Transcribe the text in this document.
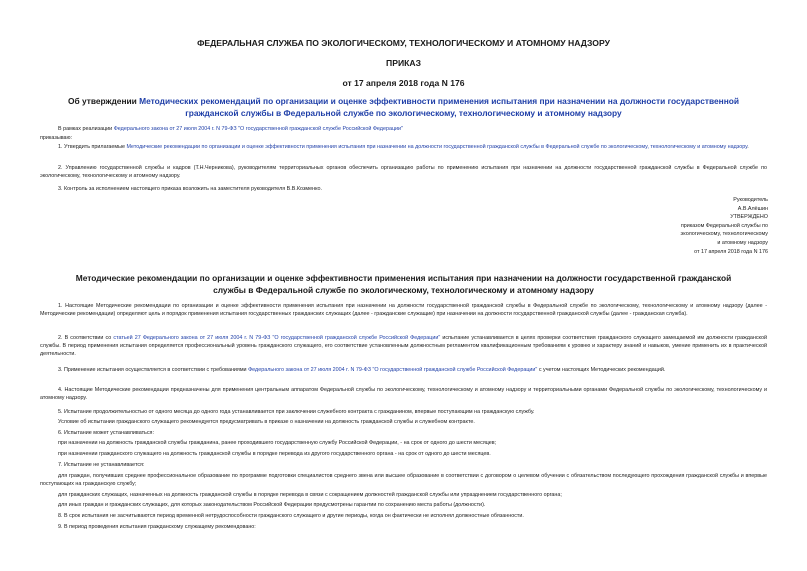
ФЕДЕРАЛЬНАЯ СЛУЖБА ПО ЭКОЛОГИЧЕСКОМУ, ТЕХНОЛОГИЧЕСКОМУ И АТОМНОМУ НАДЗОРУ
ПРИКАЗ
от 17 апреля 2018 года N 176
Об утверждении Методических рекомендаций по организации и оценке эффективности применения испытания при назначении на должности государственной гражданской службы в Федеральной службе по экологическому, технологическому и атомному надзору
В рамках реализации Федерального закона от 27 июля 2004 г. N 79-ФЗ "О государственной гражданской службе Российской Федерации"
приказываю:
1. Утвердить прилагаемые Методические рекомендации по организации и оценке эффективности применения испытания при назначении на должности государственной гражданской службы в Федеральной службе по экологическому, технологическому и атомному надзору.
2. Управлению государственной службы и кадров (Т.Н.Черникова), руководителям территориальных органов обеспечить организацию работы по применению испытания при назначении на должности государственной гражданской службы в Федеральной службе по экологическому, технологическому и атомному надзору.
3. Контроль за исполнением настоящего приказа возложить на заместителя руководителя В.В.Козменко.
Руководитель
А.В.Алёшин
УТВЕРЖДЕНО
приказом Федеральной службы по
экологическому, технологическому
и атомному надзору
от 17 апреля 2018 года N 176
Методические рекомендации по организации и оценке эффективности применения испытания при назначении на должности государственной гражданской службы в Федеральной службе по экологическому, технологическому и атомному надзору
1. Настоящие Методические рекомендации по организации и оценке эффективности применения испытания при назначении на должности государственной гражданской службы в Федеральной службе по экологическому, технологическому и атомному надзору (далее - Методические рекомендации) определяют цель и порядок применения испытания государственных гражданских служащих (далее - гражданские служащие) при назначении на должности государственной гражданской службы (далее - гражданская служба).
2. В соответствии со статьей 27 Федерального закона от 27 июля 2004 г. N 79-ФЗ "О государственной гражданской службе Российской Федерации" испытание устанавливается в целях проверки соответствия гражданского служащего замещаемой им должности гражданской службы. В период применения испытания определяется профессиональный уровень гражданского служащего, его соответствие установленным должностным регламентом квалификационным требованиям к уровню и характеру знаний и навыков, умение применить их в практической деятельности.
3. Применение испытания осуществляется в соответствии с требованиями Федерального закона от 27 июля 2004 г. N 79-ФЗ "О государственной гражданской службе Российской Федерации" с учетом настоящих Методических рекомендаций.
4. Настоящие Методические рекомендации предназначены для применения центральным аппаратом Федеральной службы по экологическому, технологическому и атомному надзору и территориальными органами Федеральной службы по экологическому, технологическому и атомному надзору.
5. Испытание продолжительностью от одного месяца до одного года устанавливается при заключении служебного контракта с гражданином, впервые поступающим на гражданскую службу.
Условие об испытании гражданского служащего рекомендуется предусматривать в приказе о назначении на должность гражданской службы и служебном контракте.
6. Испытание может устанавливаться:
при назначении на должность гражданской службы гражданина, ранее проходившего государственную службу Российской Федерации, - на срок от одного до шести месяцев;
при назначении гражданского служащего на должность гражданской службы в порядке перевода из другого государственного органа - на срок от одного до шести месяцев.
7. Испытание не устанавливается:
для граждан, получивших среднее профессиональное образование по программе подготовки специалистов среднего звена или высшее образование в соответствии с договором о целевом обучении с обязательством последующего прохождения гражданской службы и впервые поступающих на гражданскую службу;
для гражданских служащих, назначенных на должность гражданской службы в порядке перевода в связи с сокращением должностей гражданской службы или упразднением государственного органа;
для иных граждан и гражданских служащих, для которых законодательством Российской Федерации предусмотрены гарантии по сохранению места работы (должности).
8. В срок испытания не засчитываются период временной нетрудоспособности гражданского служащего и другие периоды, когда он фактически не исполнял должностные обязанности.
9. В период проведения испытания гражданскому служащему рекомендовано:
